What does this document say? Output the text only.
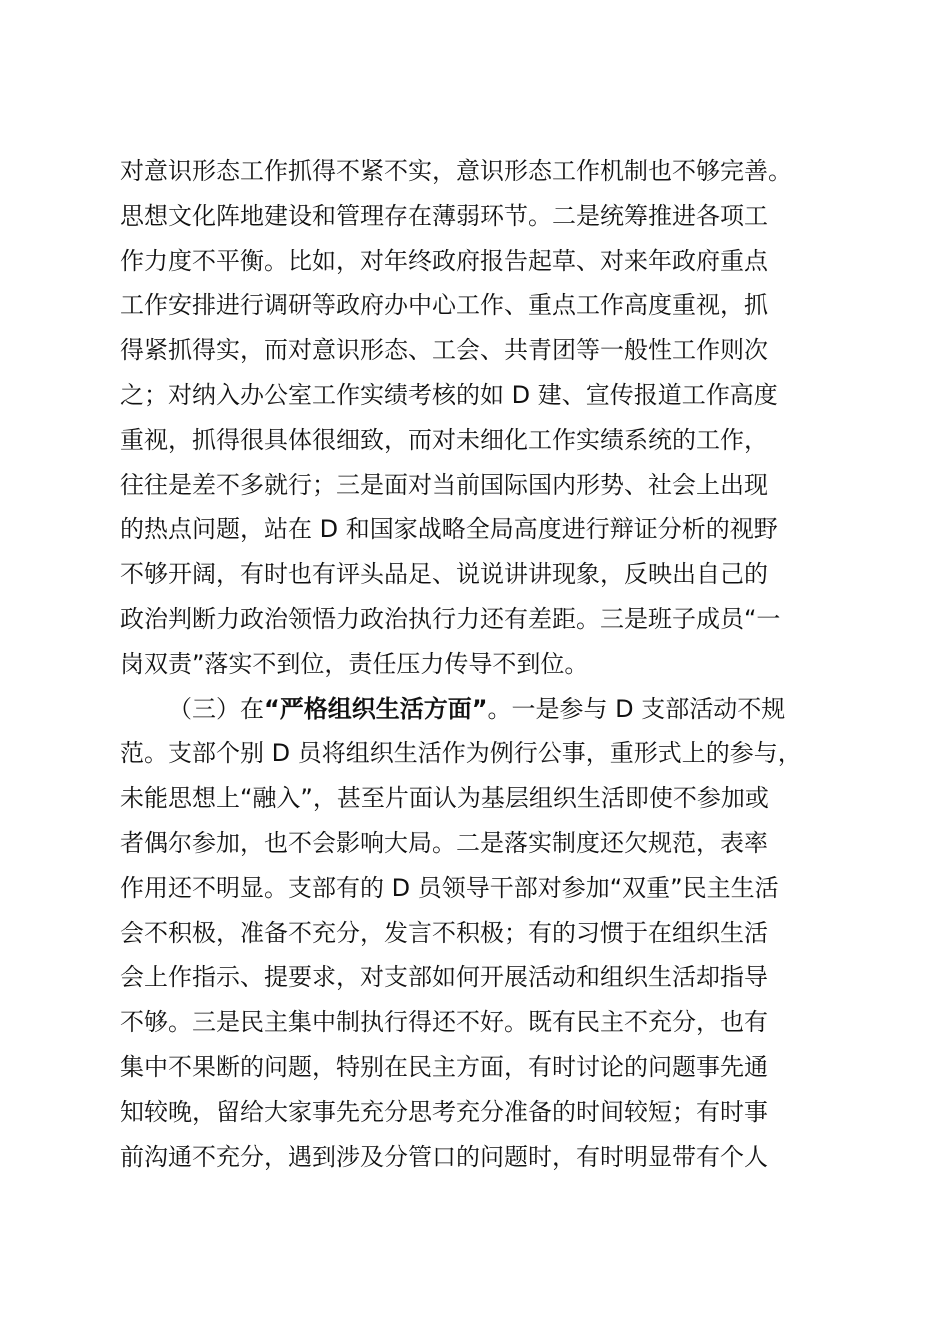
对意识形态工作抓得不紧不实，意识形态工作机制也不够完善。
思想文化阵地建设和管理存在薄弱环节。二是统筹推进各项工
作力度不平衡。比如，对年终政府报告起草、对来年政府重点
工作安排进行调研等政府办中心工作、重点工作高度重视，抓
得紧抓得实，而对意识形态、工会、共青团等一般性工作则次
之；对纳入办公室工作实绩考核的如 D 建、宣传报道工作高度
重视，抓得很具体很细致，而对未细化工作实绩系统的工作，
往往是差不多就行；三是面对当前国际国内形势、社会上出现
的热点问题，站在 D 和国家战略全局高度进行辩证分析的视野
不够开阔，有时也有评头品足、说说讲讲现象，反映出自己的
政治判断力政治领悟力政治执行力还有差距。三是班子成员“一
岗双责”落实不到位，责任压力传导不到位。
（三）在“严格组织生活方面”。一是参与 D 支部活动不规
范。支部个别 D 员将组织生活作为例行公事，重形式上的参与，
未能思想上“融入”，甚至片面认为基层组织生活即使不参加或
者偶尔参加，也不会影响大局。二是落实制度还欠规范，表率
作用还不明显。支部有的 D 员领导干部对参加“双重”民主生活
会不积极，准备不充分，发言不积极；有的习惯于在组织生活
会上作指示、提要求，对支部如何开展活动和组织生活却指导
不够。三是民主集中制执行得还不好。既有民主不充分，也有
集中不果断的问题，特别在民主方面，有时讨论的问题事先通
知较晚，留给大家事先充分思考充分准备的时间较短；有时事
前沟通不充分，遇到涉及分管口的问题时，有时明显带有个人
